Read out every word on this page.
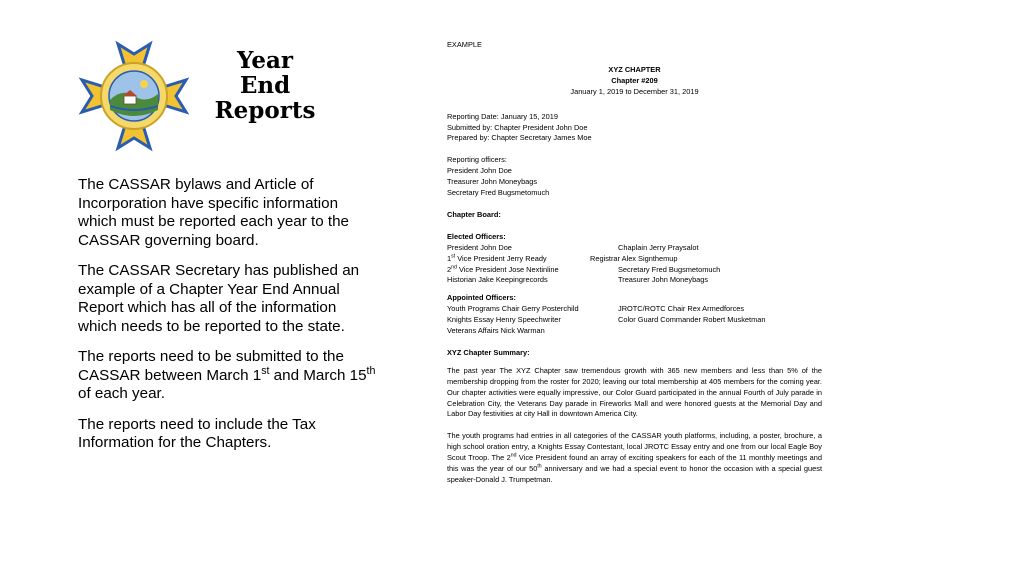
Year
End
Reports

The CASSAR bylaws and Article of Incorporation have specific information which must be reported each year to the CASSAR governing board.

The CASSAR Secretary has published an example of a Chapter Year End Annual Report which has all of the information which needs to be reported to the state.

The reports need to be submitted to the CASSAR between March 1st and March 15th of each year.

The reports need to include the Tax Information for the Chapters.

EXAMPLE
XYZ CHAPTER
Chapter #209
January 1, 2019 to December 31, 2019
Reporting Date: January 15, 2019
Submitted by: Chapter President John Doe
Prepared by: Chapter Secretary James Moe
Reporting officers:
President John Doe
Treasurer John Moneybags
Secretary Fred Bugsmetomuch
Chapter Board:
Elected Officers:
President John Doe	Chaplain Jerry Praysalot
1st Vice President Jerry Ready	Registrar Alex Signthemup
2nd Vice President Jose Nextinline	Secretary Fred Bugsmetomuch
Historian Jake Keepingrecords	Treasurer John Moneybags
Appointed Officers:
Youth Programs Chair Gerry Posterchild	JROTC/ROTC Chair Rex Armedforces
Knights Essay Henry Speechwriter	Color Guard Commander Robert Musketman
Veterans Affairs Nick Warman
XYZ Chapter Summary:
The past year The XYZ Chapter saw tremendous growth with 365 new members and less than 5% of the membership dropping from the roster for 2020; leaving our total membership at 405 members for the coming year. Our chapter activities were equally impressive, our Color Guard participated in the annual Fourth of July parade in Celebration City, the Veterans Day parade in Fireworks Mall and were honored guests at the Memorial Day and Labor Day festivities at city Hall in downtown America City.
The youth programs had entries in all categories of the CASSAR youth platforms, including, a poster, brochure, a high school oration entry, a Knights Essay Contestant, local JROTC Essay entry and one from our local Eagle Boy Scout Troop. The 2nd Vice President found an array of exciting speakers for each of the 11 monthly meetings and this was the year of our 50th anniversary and we had a special event to honor the occasion with a special guest speaker-Donald J. Trumpetman.
